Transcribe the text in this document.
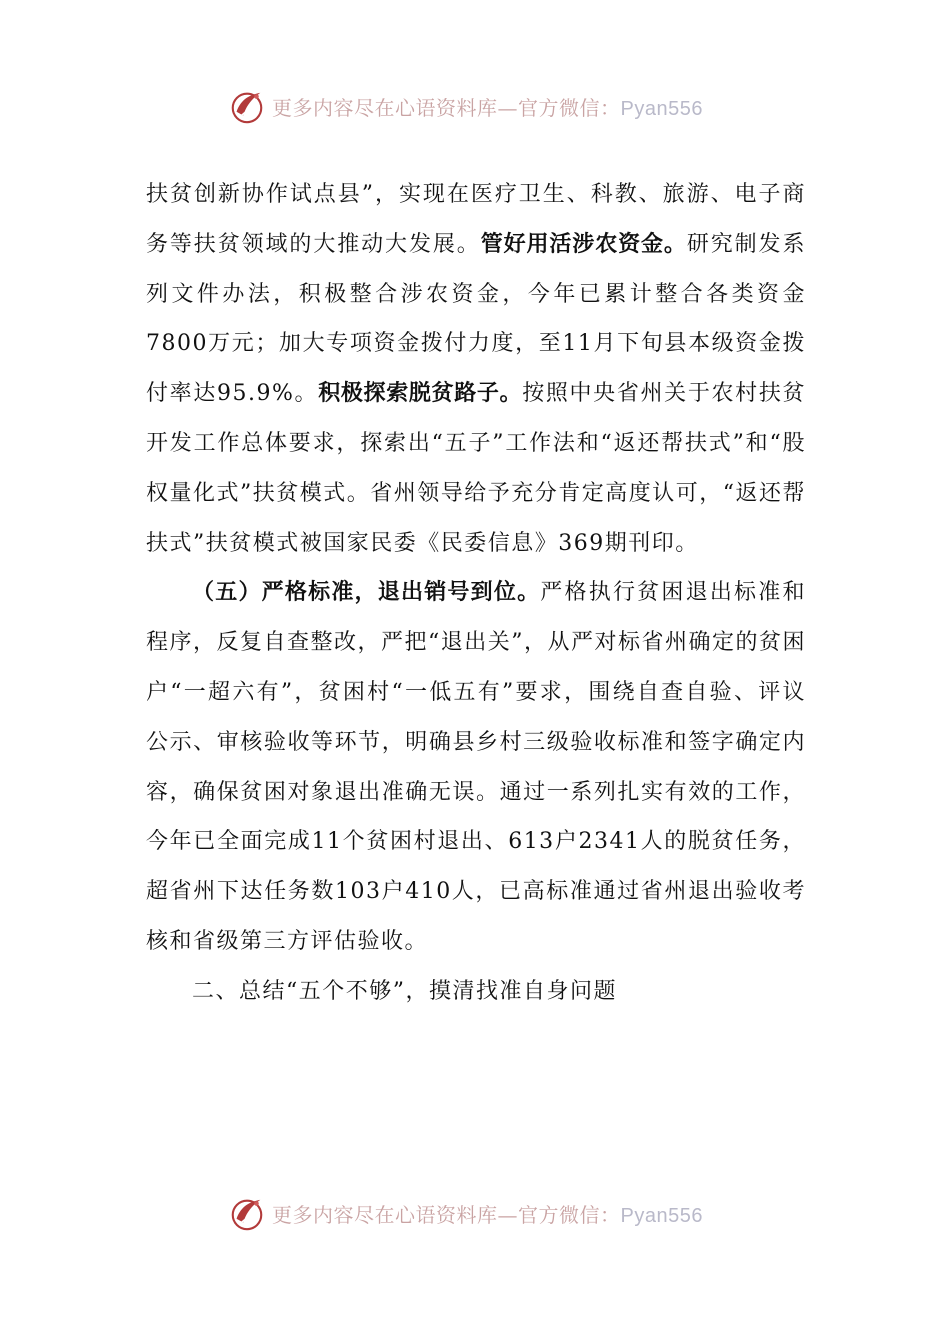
更多内容尽在心语资料库—官方微信：Pyan556

扶贫创新协作试点县”，实现在医疗卫生、科教、旅游、电子商务等扶贫领域的大推动大发展。管好用活涉农资金。研究制发系列文件办法，积极整合涉农资金，今年已累计整合各类资金7800万元；加大专项资金拨付力度，至11月下旬县本级资金拨付率达95.9%。积极探索脱贫路子。按照中央省州关于农村扶贫开发工作总体要求，探索出“五子”工作法和“返还帮扶式”和“股权量化式”扶贫模式。省州领导给予充分肯定高度认可，“返还帮扶式”扶贫模式被国家民委《民委信息》369期刊印。

（五）严格标准，退出销号到位。严格执行贫困退出标准和程序，反复自查整改，严把“退出关”，从严对标省州确定的贫困户“一超六有”，贫困村“一低五有”要求，围绕自查自验、评议公示、审核验收等环节，明确县乡村三级验收标准和签字确定内容，确保贫困对象退出准确无误。通过一系列扎实有效的工作，今年已全面完成11个贫困村退出、613户2341人的脱贫任务，超省州下达任务数103户410人，已高标准通过省州退出验收考核和省级第三方评估验收。

二、总结“五个不够”，摸清找准自身问题

更多内容尽在心语资料库—官方微信：Pyan556
